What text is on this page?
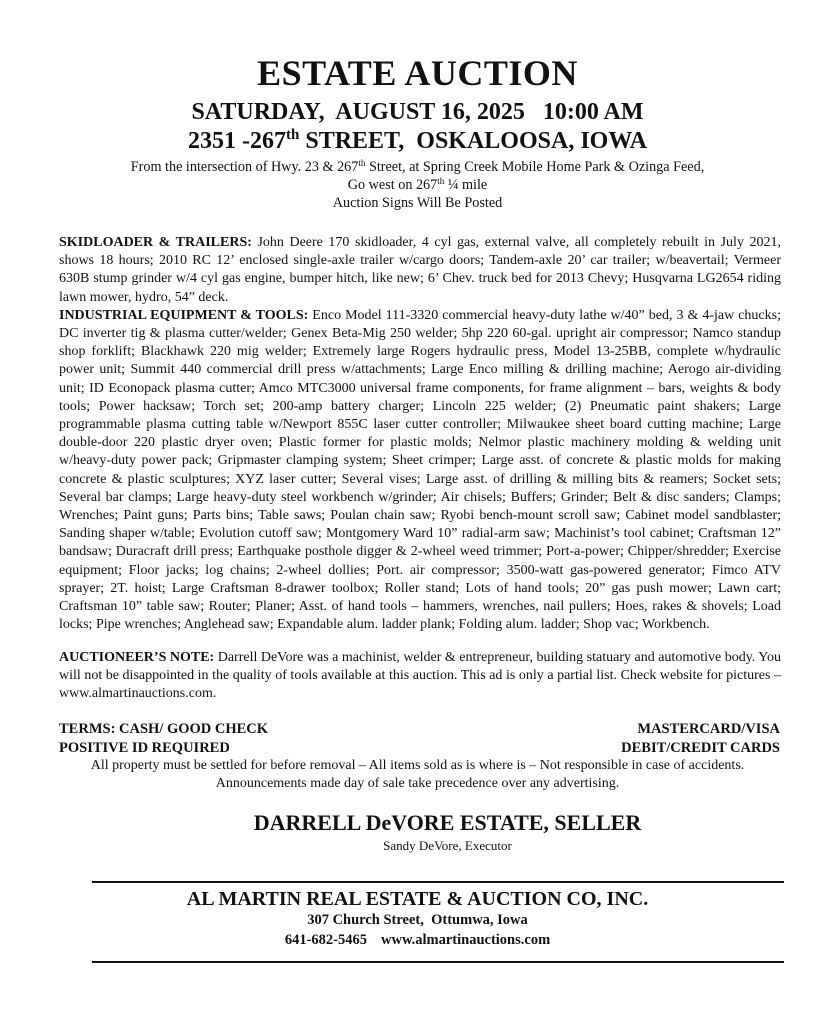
ESTATE AUCTION
SATURDAY,  AUGUST 16, 2025   10:00 AM
2351 -267th STREET,  OSKALOOSA, IOWA
From the intersection of Hwy. 23 & 267th Street, at Spring Creek Mobile Home Park & Ozinga Feed,
Go west on 267th ¼ mile
Auction Signs Will Be Posted

SKIDLOADER & TRAILERS: John Deere 170 skidloader, 4 cyl gas, external valve, all completely rebuilt in July 2021, shows 18 hours; 2010 RC 12’ enclosed single-axle trailer w/cargo doors; Tandem-axle 20’ car trailer; w/beavertail; Vermeer 630B stump grinder w/4 cyl gas engine, bumper hitch, like new; 6’ Chev. truck bed for 2013 Chevy; Husqvarna LG2654 riding lawn mower, hydro, 54” deck.

INDUSTRIAL EQUIPMENT & TOOLS: Enco Model 111-3320 commercial heavy-duty lathe w/40” bed, 3 & 4-jaw chucks; DC inverter tig & plasma cutter/welder; Genex Beta-Mig 250 welder; 5hp 220 60-gal. upright air compressor; Namco standup shop forklift; Blackhawk 220 mig welder; Extremely large Rogers hydraulic press, Model 13-25BB, complete w/hydraulic power unit; Summit 440 commercial drill press w/attachments; Large Enco milling & drilling machine; Aerogo air-dividing unit; ID Econopack plasma cutter; Amco MTC3000 universal frame components, for frame alignment – bars, weights & body tools; Power hacksaw; Torch set; 200-amp battery charger; Lincoln 225 welder; (2) Pneumatic paint shakers; Large programmable plasma cutting table w/Newport 855C laser cutter controller; Milwaukee sheet board cutting machine; Large double-door 220 plastic dryer oven; Plastic former for plastic molds; Nelmor plastic machinery molding & welding unit w/heavy-duty power pack; Gripmaster clamping system; Sheet crimper; Large asst. of concrete & plastic molds for making concrete & plastic sculptures; XYZ laser cutter; Several vises; Large asst. of drilling & milling bits & reamers; Socket sets; Several bar clamps; Large heavy-duty steel workbench w/grinder; Air chisels; Buffers; Grinder; Belt & disc sanders; Clamps; Wrenches; Paint guns; Parts bins; Table saws; Poulan chain saw; Ryobi bench-mount scroll saw; Cabinet model sandblaster; Sanding shaper w/table; Evolution cutoff saw; Montgomery Ward 10” radial-arm saw; Machinist’s tool cabinet; Craftsman 12” bandsaw; Duracraft drill press; Earthquake posthole digger & 2-wheel weed trimmer; Port-a-power; Chipper/shredder; Exercise equipment; Floor jacks; log chains; 2-wheel dollies; Port. air compressor; 3500-watt gas-powered generator; Fimco ATV sprayer; 2T. hoist; Large Craftsman 8-drawer toolbox; Roller stand; Lots of hand tools; 20” gas push mower; Lawn cart; Craftsman 10” table saw; Router; Planer; Asst. of hand tools – hammers, wrenches, nail pullers; Hoes, rakes & shovels; Load locks; Pipe wrenches; Anglehead saw; Expandable alum. ladder plank; Folding alum. ladder; Shop vac; Workbench.

AUCTIONEER’S NOTE: Darrell DeVore was a machinist, welder & entrepreneur, building statuary and automotive body. You will not be disappointed in the quality of tools available at this auction. This ad is only a partial list. Check website for pictures – www.almartinauctions.com.
TERMS: CASH/ GOOD CHECK
POSITIVE ID REQUIRED
MASTERCARD/VISA
DEBIT/CREDIT CARDS
All property must be settled for before removal – All items sold as is where is – Not responsible in case of accidents.
Announcements made day of sale take precedence over any advertising.
DARRELL DeVORE ESTATE, SELLER
Sandy DeVore, Executor
AL MARTIN REAL ESTATE & AUCTION CO, INC.
307 Church Street,  Ottumwa, Iowa
641-682-5465 www.almartinauctions.com
